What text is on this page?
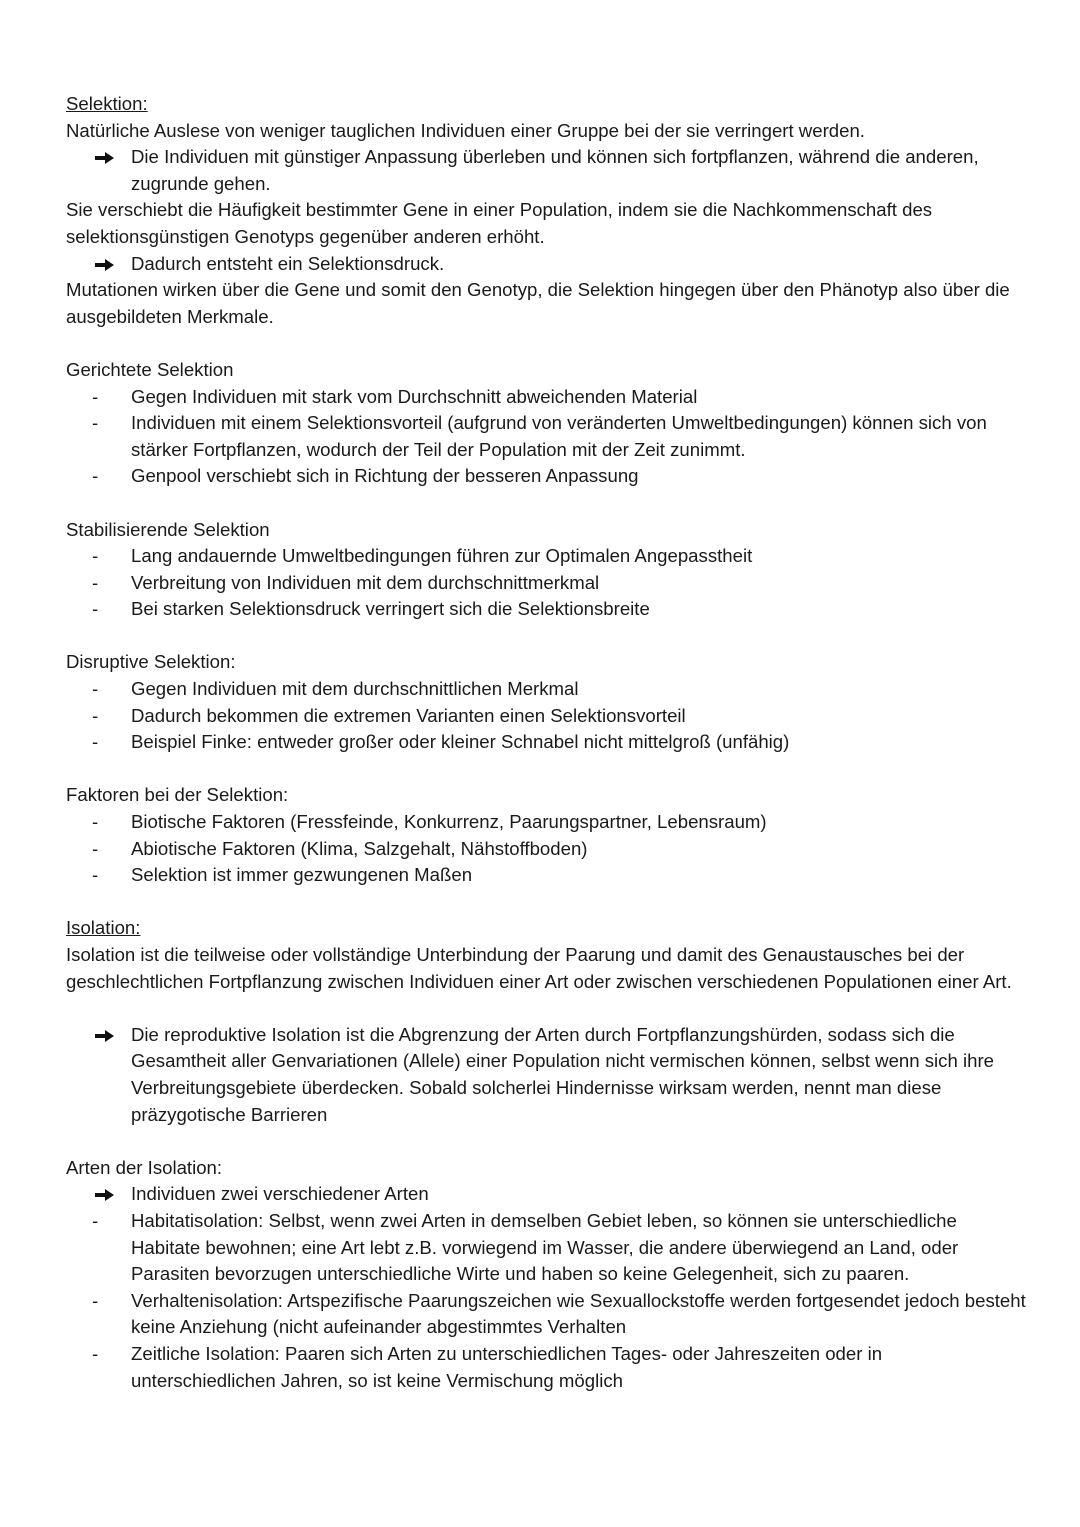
Selektion:

Natürliche Auslese von weniger tauglichen Individuen einer Gruppe bei der sie verringert werden.

Die Individuen mit günstiger Anpassung überleben und können sich fortpflanzen, während die anderen, zugrunde gehen.

Sie verschiebt die Häufigkeit bestimmter Gene in einer Population, indem sie die Nachkommenschaft des selektionsgünstigen Genotyps gegenüber anderen erhöht.

Dadurch entsteht ein Selektionsdruck.

Mutationen wirken über die Gene und somit den Genotyp, die Selektion hingegen über den Phänotyp also über die ausgebildeten Merkmale.

Gerichtete Selektion

-	Gegen Individuen mit stark vom Durchschnitt abweichenden Material
-	Individuen mit einem Selektionsvorteil (aufgrund von veränderten Umweltbedingungen) können sich von stärker Fortpflanzen, wodurch der Teil der Population mit der Zeit zunimmt.
-	Genpool verschiebt sich in Richtung der besseren Anpassung

Stabilisierende Selektion

-	Lang andauernde Umweltbedingungen führen zur Optimalen Angepasstheit
-	Verbreitung von Individuen mit dem durchschnittmerkmal
-	Bei starken Selektionsdruck verringert sich die Selektionsbreite

Disruptive Selektion:

-	Gegen Individuen mit dem durchschnittlichen Merkmal
-	Dadurch bekommen die extremen Varianten einen Selektionsvorteil
-	Beispiel Finke: entweder großer oder kleiner Schnabel nicht mittelgroß (unfähig)

Faktoren bei der Selektion:

-	Biotische Faktoren (Fressfeinde, Konkurrenz, Paarungspartner, Lebensraum)
-	Abiotische Faktoren (Klima, Salzgehalt, Nähstoffboden)
-	Selektion ist immer gezwungenen Maßen

Isolation:

Isolation ist die teilweise oder vollständige Unterbindung der Paarung und damit des Genaustausches bei der geschlechtlichen Fortpflanzung zwischen Individuen einer Art oder zwischen verschiedenen Populationen einer Art.

Die reproduktive Isolation ist die Abgrenzung der Arten durch Fortpflanzungshürden, sodass sich die Gesamtheit aller Genvariationen (Allele) einer Population nicht vermischen können, selbst wenn sich ihre Verbreitungsgebiete überdecken. Sobald solcherlei Hindernisse wirksam werden, nennt man diese präzygotische Barrieren

Arten der Isolation:

Individuen zwei verschiedener Arten
-	Habitatisolation: Selbst, wenn zwei Arten in demselben Gebiet leben, so können sie unterschiedliche Habitate bewohnen; eine Art lebt z.B. vorwiegend im Wasser, die andere überwiegend an Land, oder Parasiten bevorzugen unterschiedliche Wirte und haben so keine Gelegenheit, sich zu paaren.
-	Verhaltenisolation: Artspezifische Paarungszeichen wie Sexuallockstoffe werden fortgesendet jedoch besteht keine Anziehung (nicht aufeinander abgestimmtes Verhalten
-	Zeitliche Isolation: Paaren sich Arten zu unterschiedlichen Tages- oder Jahreszeiten oder in unterschiedlichen Jahren, so ist keine Vermischung möglich
